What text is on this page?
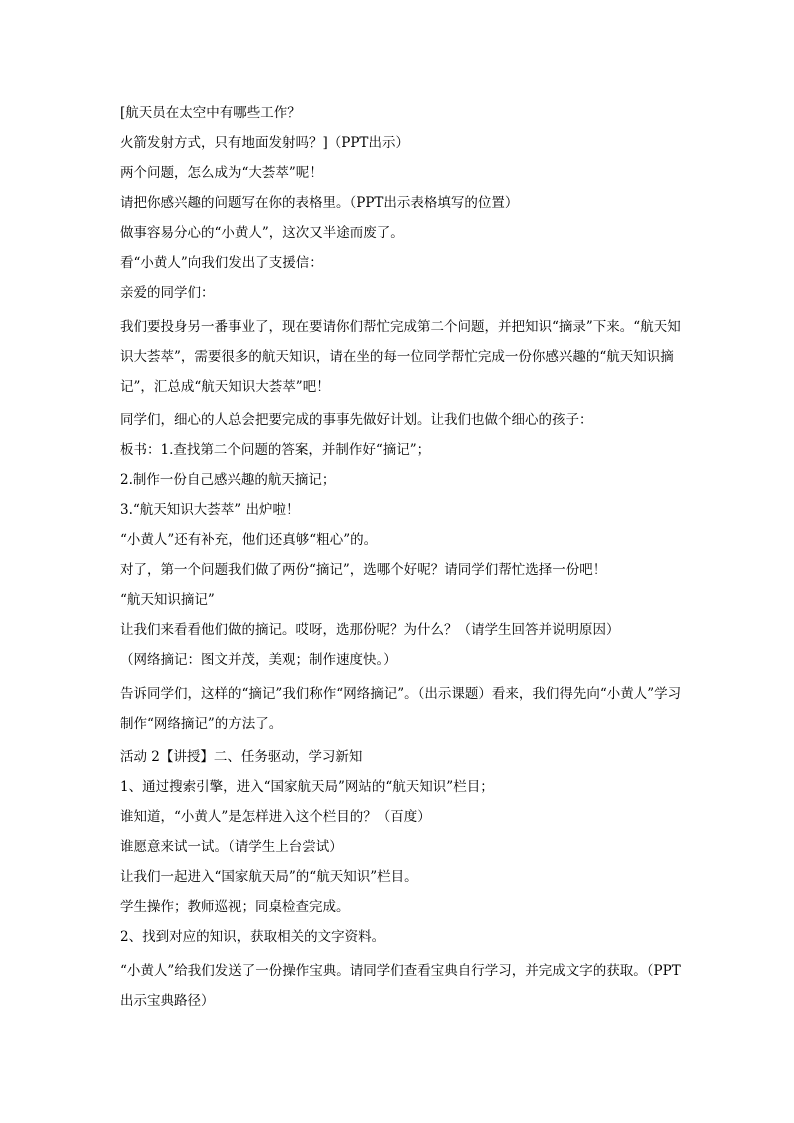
[航天员在太空中有哪些工作？

火箭发射方式，只有地面发射吗？]（PPT出示）

两个问题，怎么成为“大荟萃”呢！

请把你感兴趣的问题写在你的表格里。（PPT出示表格填写的位置）

做事容易分心的“小黄人”，这次又半途而废了。

看“小黄人”向我们发出了支援信：

亲爱的同学们：

我们要投身另一番事业了，现在要请你们帮忙完成第二个问题，并把知识“摘录”下来。“航天知识大荟萃”，需要很多的航天知识，请在坐的每一位同学帮忙完成一份你感兴趣的“航天知识摘记”，汇总成“航天知识大荟萃”吧！

同学们，细心的人总会把要完成的事事先做好计划。让我们也做个细心的孩子：

板书：1.查找第二个问题的答案，并制作好“摘记”；

2.制作一份自己感兴趣的航天摘记；

3.“航天知识大荟萃” 出炉啦！

“小黄人”还有补充，他们还真够“粗心”的。

对了，第一个问题我们做了两份“摘记”，选哪个好呢？请同学们帮忙选择一份吧！

“航天知识摘记”

让我们来看看他们做的摘记。哎呀，选那份呢？为什么？（请学生回答并说明原因）

（网络摘记：图文并茂，美观；制作速度快。）

告诉同学们，这样的“摘记”我们称作“网络摘记”。（出示课题）看来，我们得先向“小黄人”学习制作“网络摘记”的方法了。

活动 2【讲授】二、任务驱动，学习新知

1、通过搜索引擎，进入“国家航天局”网站的“航天知识”栏目；

谁知道，“小黄人”是怎样进入这个栏目的？（百度）

谁愿意来试一试。（请学生上台尝试）

让我们一起进入“国家航天局”的“航天知识”栏目。

学生操作；教师巡视；同桌检查完成。

2、找到对应的知识，获取相关的文字资料。

“小黄人”给我们发送了一份操作宝典。请同学们查看宝典自行学习，并完成文字的获取。（PPT出示宝典路径）
